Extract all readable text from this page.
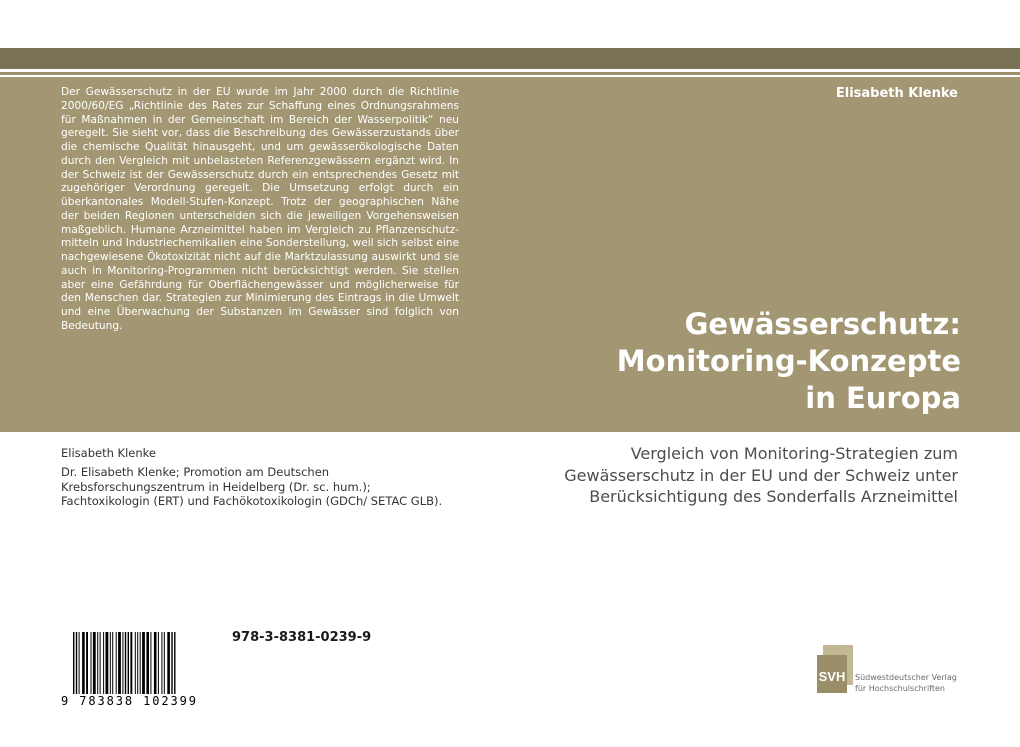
Der Gewässerschutz in der EU wurde im Jahr 2000 durch die Richtlinie 2000/60/EG „Richtlinie des Rates zur Schaffung eines Ordnungsrahmens für Maßnahmen in der Gemeinschaft im Bereich der Wasserpolitik“ neu geregelt. Sie sieht vor, dass die Beschreibung des Gewässerzustands über die chemische Qualität hinausgeht, und um gewässerökologische Daten durch den Vergleich mit unbelasteten Referenzgewässern ergänzt wird. In der Schweiz ist der Gewässerschutz durch ein entsprechendes Gesetz mit zugehöriger Verordnung geregelt. Die Umsetzung erfolgt durch ein überkantonales Modell-Stufen-Konzept. Trotz der geographischen Nähe der beiden Regionen unterscheiden sich die jeweiligen Vorgehensweisen maßgeblich. Humane Arzneimittel haben im Vergleich zu Pflanzenschutz-mitteln und Industriechemikalien eine Sonderstellung, weil sich selbst eine nachgewiesene Ökotoxizität nicht auf die Marktzulassung auswirkt und sie auch in Monitoring-Programmen nicht berücksichtigt werden. Sie stellen aber eine Gefährdung für Oberflächengewässer und möglicherweise für den Menschen dar. Strategien zur Minimierung des Eintrags in die Umwelt und eine Überwachung der Substanzen im Gewässer sind folglich von Bedeutung.

Elisabeth Klenke
Gewässerschutz:
Monitoring-Konzepte
in Europa
Elisabeth Klenke
Dr. Elisabeth Klenke; Promotion am Deutschen Krebsforschungszentrum in Heidelberg (Dr. sc. hum.); Fachtoxikologin (ERT) und Fachökotoxikologin (GDCh/ SETAC GLB).
Vergleich von Monitoring-Strategien zum
Gewässerschutz in der EU und der Schweiz unter
Berücksichtigung des Sonderfalls Arzneimittel
9 783838 102399
978-3-8381-0239-9
SVH Südwestdeutscher Verlag
für Hochschulschriften
